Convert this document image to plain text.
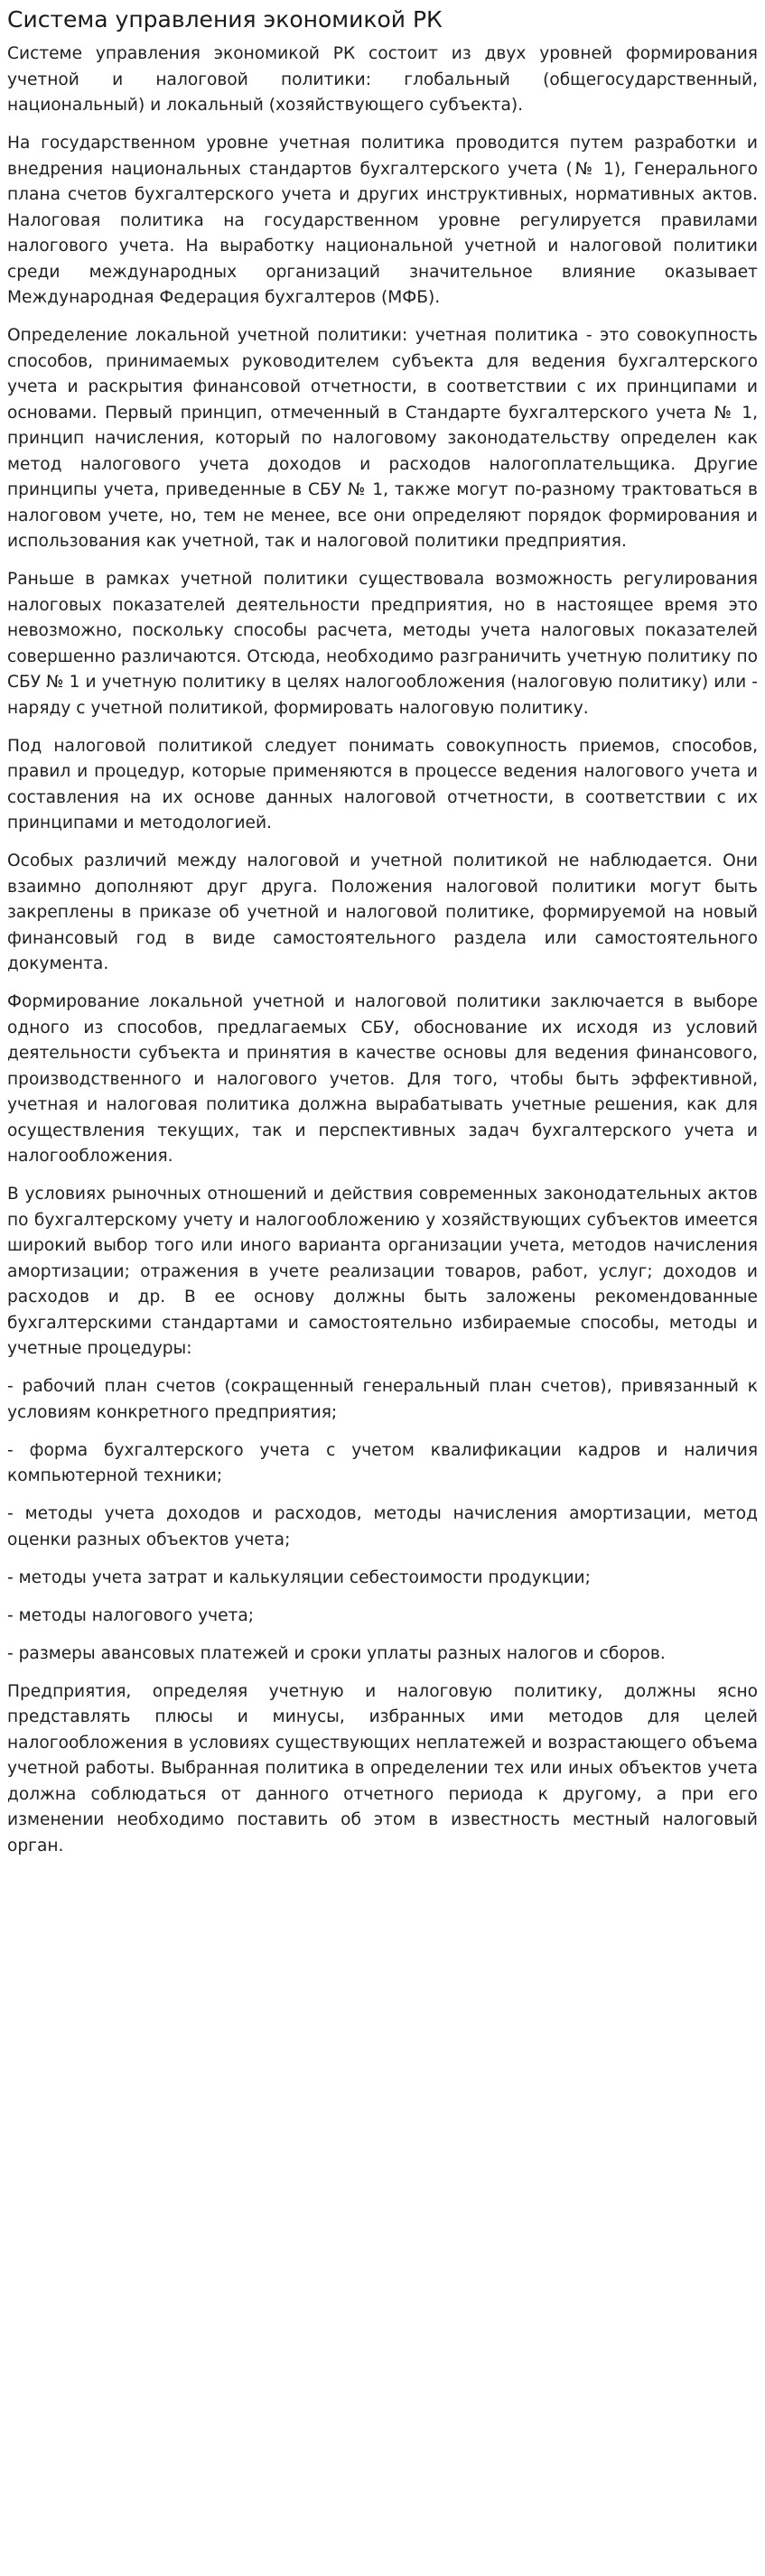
Система управления экономикой РК

Системе управления экономикой РК состоит из двух уровней формирования учетной и налоговой политики: глобальный (общегосударственный, национальный) и локальный (хозяйствующего субъекта).

На государственном уровне учетная политика проводится путем разработки и внедрения национальных стандартов бухгалтерского учета (№ 1), Генерального плана счетов бухгалтерского учета и других инструктивных, нормативных актов. Налоговая политика на государственном уровне регулируется правилами налогового учета. На выработку национальной учетной и налоговой политики среди международных организаций значительное влияние оказывает Международная Федерация бухгалтеров (МФБ).

Определение локальной учетной политики: учетная политика - это совокупность способов, принимаемых руководителем субъекта для ведения бухгалтерского учета и раскрытия финансовой отчетности, в соответствии с их принципами и основами. Первый принцип, отмеченный в Стандарте бухгалтерского учета № 1, принцип начисления, который по налоговому законодательству определен как метод налогового учета доходов и расходов налогоплательщика. Другие принципы учета, приведенные в СБУ № 1, также могут по-разному трактоваться в налоговом учете, но, тем не менее, все они определяют порядок формирования и использования как учетной, так и налоговой политики предприятия.

Раньше в рамках учетной политики существовала возможность регулирования налоговых показателей деятельности предприятия, но в настоящее время это невозможно, поскольку способы расчета, методы учета налоговых показателей совершенно различаются. Отсюда, необходимо разграничить учетную политику по СБУ № 1 и учетную политику в целях налогообложения (налоговую политику) или - наряду с учетной политикой, формировать налоговую политику.

Под налоговой политикой следует понимать совокупность приемов, способов, правил и процедур, которые применяются в процессе ведения налогового учета и составления на их основе данных налоговой отчетности, в соответствии с их принципами и методологией.

Особых различий между налоговой и учетной политикой не наблюдается. Они взаимно дополняют друг друга. Положения налоговой политики могут быть закреплены в приказе об учетной и налоговой политике, формируемой на новый финансовый год в виде самостоятельного раздела или самостоятельного документа.

Формирование локальной учетной и налоговой политики заключается в выборе одного из способов, предлагаемых СБУ, обоснование их исходя из условий деятельности субъекта и принятия в качестве основы для ведения финансового, производственного и налогового учетов. Для того, чтобы быть эффективной, учетная и налоговая политика должна вырабатывать учетные решения, как для осуществления текущих, так и перспективных задач бухгалтерского учета и налогообложения.

В условиях рыночных отношений и действия современных законодательных актов по бухгалтерскому учету и налогообложению у хозяйствующих субъектов имеется широкий выбор того или иного варианта организации учета, методов начисления амортизации; отражения в учете реализации товаров, работ, услуг; доходов и расходов и др. В ее основу должны быть заложены рекомендованные бухгалтерскими стандартами и самостоятельно избираемые способы, методы и учетные процедуры:

- рабочий план счетов (сокращенный генеральный план счетов), привязанный к условиям конкретного предприятия;

- форма бухгалтерского учета с учетом квалификации кадров и наличия компьютерной техники;

- методы учета доходов и расходов, методы начисления амортизации, метод оценки разных объектов учета;

- методы учета затрат и калькуляции себестоимости продукции;

- методы налогового учета;

- размеры авансовых платежей и сроки уплаты разных налогов и сборов.

Предприятия, определяя учетную и налоговую политику, должны ясно представлять плюсы и минусы, избранных ими методов для целей налогообложения в условиях существующих неплатежей и возрастающего объема учетной работы. Выбранная политика в определении тех или иных объектов учета должна соблюдаться от данного отчетного периода к другому, а при его изменении необходимо поставить об этом в известность местный налоговый орган.
